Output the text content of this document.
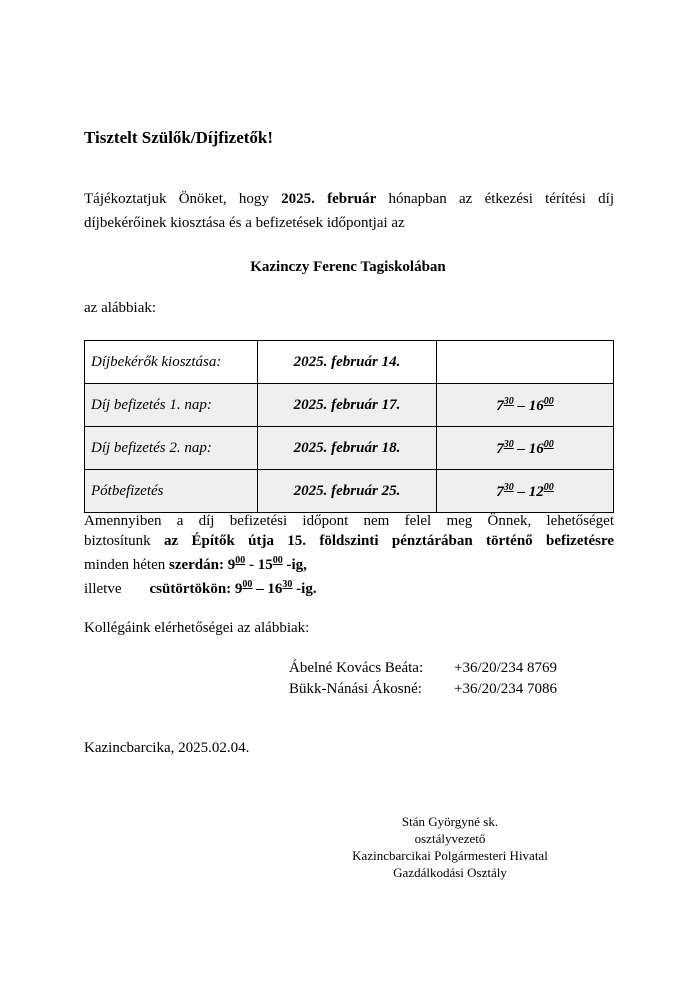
Tisztelt Szülők/Díjfizetők!
Tájékoztatjuk Önöket, hogy 2025. február hónapban az étkezési térítési díj
díjbekérőinek kiosztása és a befizetések időpontjai az
Kazinczy Ferenc Tagiskolában
az alábbiak:
Díjbekérők kiosztása:	2025. február 14.	
Díj befizetés 1. nap:	2025. február 17.	$7^{30} - 16^{00}$
Díj befizetés 2. nap:	2025. február 18.	$7^{30} - 16^{00}$
Pótbefizetés	2025. február 25.	$7^{30} - 12^{00}$
Amennyiben a díj befizetési időpont nem felel meg Önnek, lehetőséget
biztosítunk az Építők útja 15. földszinti pénztárában történő befizetésre
minden héten szerdán: $9^{00} - 15^{00}$ -ig,
illetve csütörtökön: $9^{00} - 16^{30}$ -ig.
Kollégáink elérhetőségei az alábbiak:
Ábelné Kovács Beáta: +36/20/234 8769
Bükk-Nánási Ákosné: +36/20/234 7086
Kazincbarcika, 2025.02.04.
Stán Györgyné sk.
osztályvezető
Kazincbarcikai Polgármesteri Hivatal
Gazdálkodási Osztály
